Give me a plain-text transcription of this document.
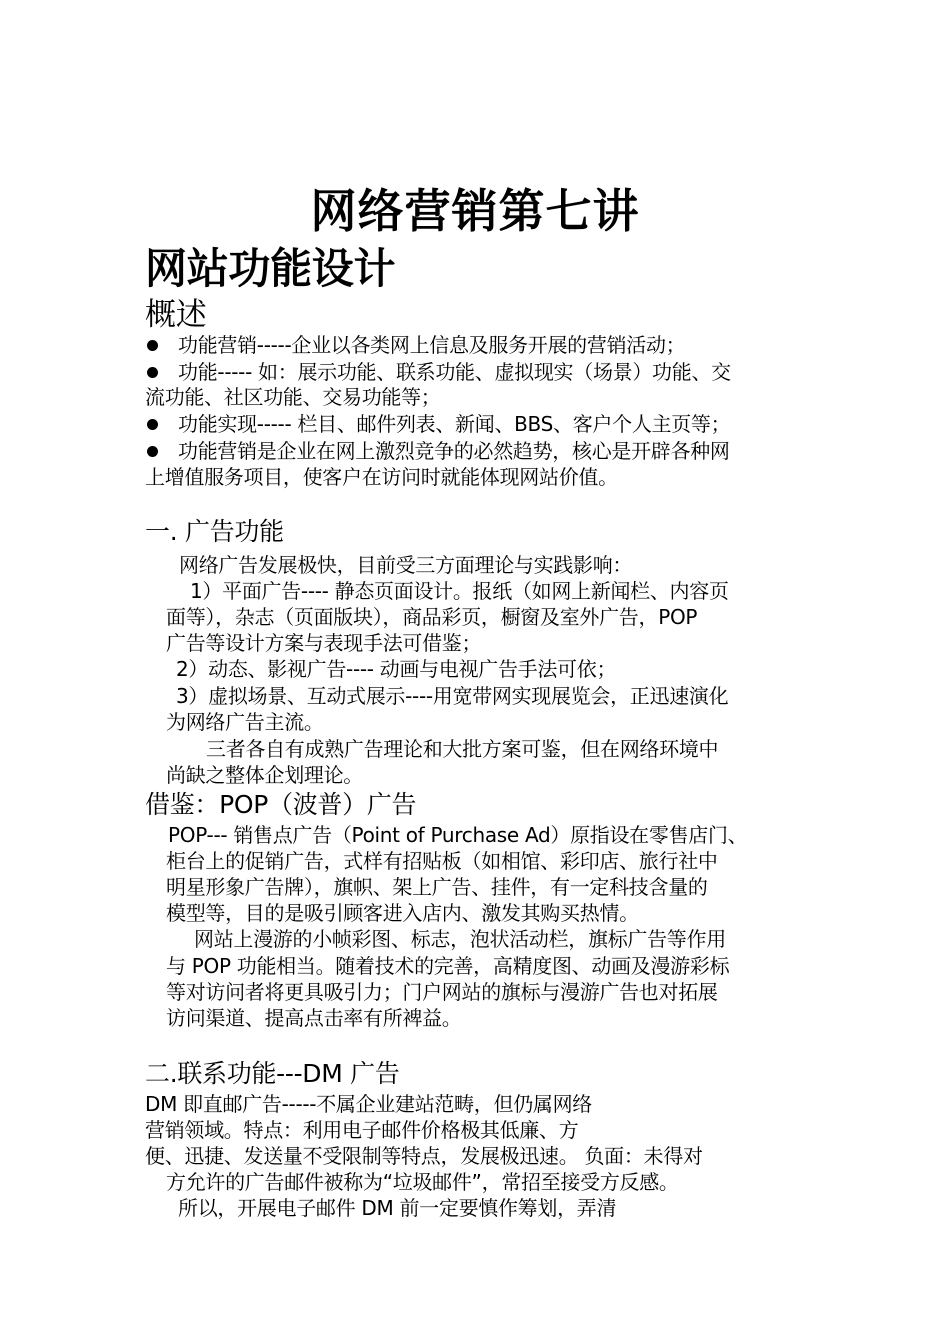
网络营销第七讲
网站功能设计
概述
功能营销-----企业以各类网上信息及服务开展的营销活动；
功能----- 如：展示功能、联系功能、虚拟现实（场景）功能、交
流功能、社区功能、交易功能等；
功能实现----- 栏目、邮件列表、新闻、BBS、客户个人主页等；
功能营销是企业在网上激烈竞争的必然趋势，核心是开辟各种网
上增值服务项目，使客户在访问时就能体现网站价值。
一. 广告功能
网络广告发展极快，目前受三方面理论与实践影响：
1）平面广告---- 静态页面设计。报纸（如网上新闻栏、内容页
面等），杂志（页面版块），商品彩页，橱窗及室外广告，POP
广告等设计方案与表现手法可借鉴；
2）动态、影视广告---- 动画与电视广告手法可依；
3）虚拟场景、互动式展示----用宽带网实现展览会，正迅速演化
为网络广告主流。
三者各自有成熟广告理论和大批方案可鉴，但在网络环境中
尚缺之整体企划理论。
借鉴：POP（波普）广告
POP--- 销售点广告（Point of Purchase Ad）原指设在零售店门、
柜台上的促销广告，式样有招贴板（如相馆、彩印店、旅行社中
明星形象广告牌），旗帜、架上广告、挂件，有一定科技含量的
模型等，目的是吸引顾客进入店内、激发其购买热情。
网站上漫游的小帧彩图、标志，泡状活动栏，旗标广告等作用
与 POP 功能相当。随着技术的完善，高精度图、动画及漫游彩标
等对访问者将更具吸引力；门户网站的旗标与漫游广告也对拓展
访问渠道、提高点击率有所裨益。
二.联系功能---DM 广告
DM 即直邮广告-----不属企业建站范畴，但仍属网络
营销领域。特点：利用电子邮件价格极其低廉、方
便、迅捷、发送量不受限制等特点，发展极迅速。 负面：未得对
方允许的广告邮件被称为“垃圾邮件”，常招至接受方反感。
所以，开展电子邮件 DM 前一定要慎作筹划，弄清
